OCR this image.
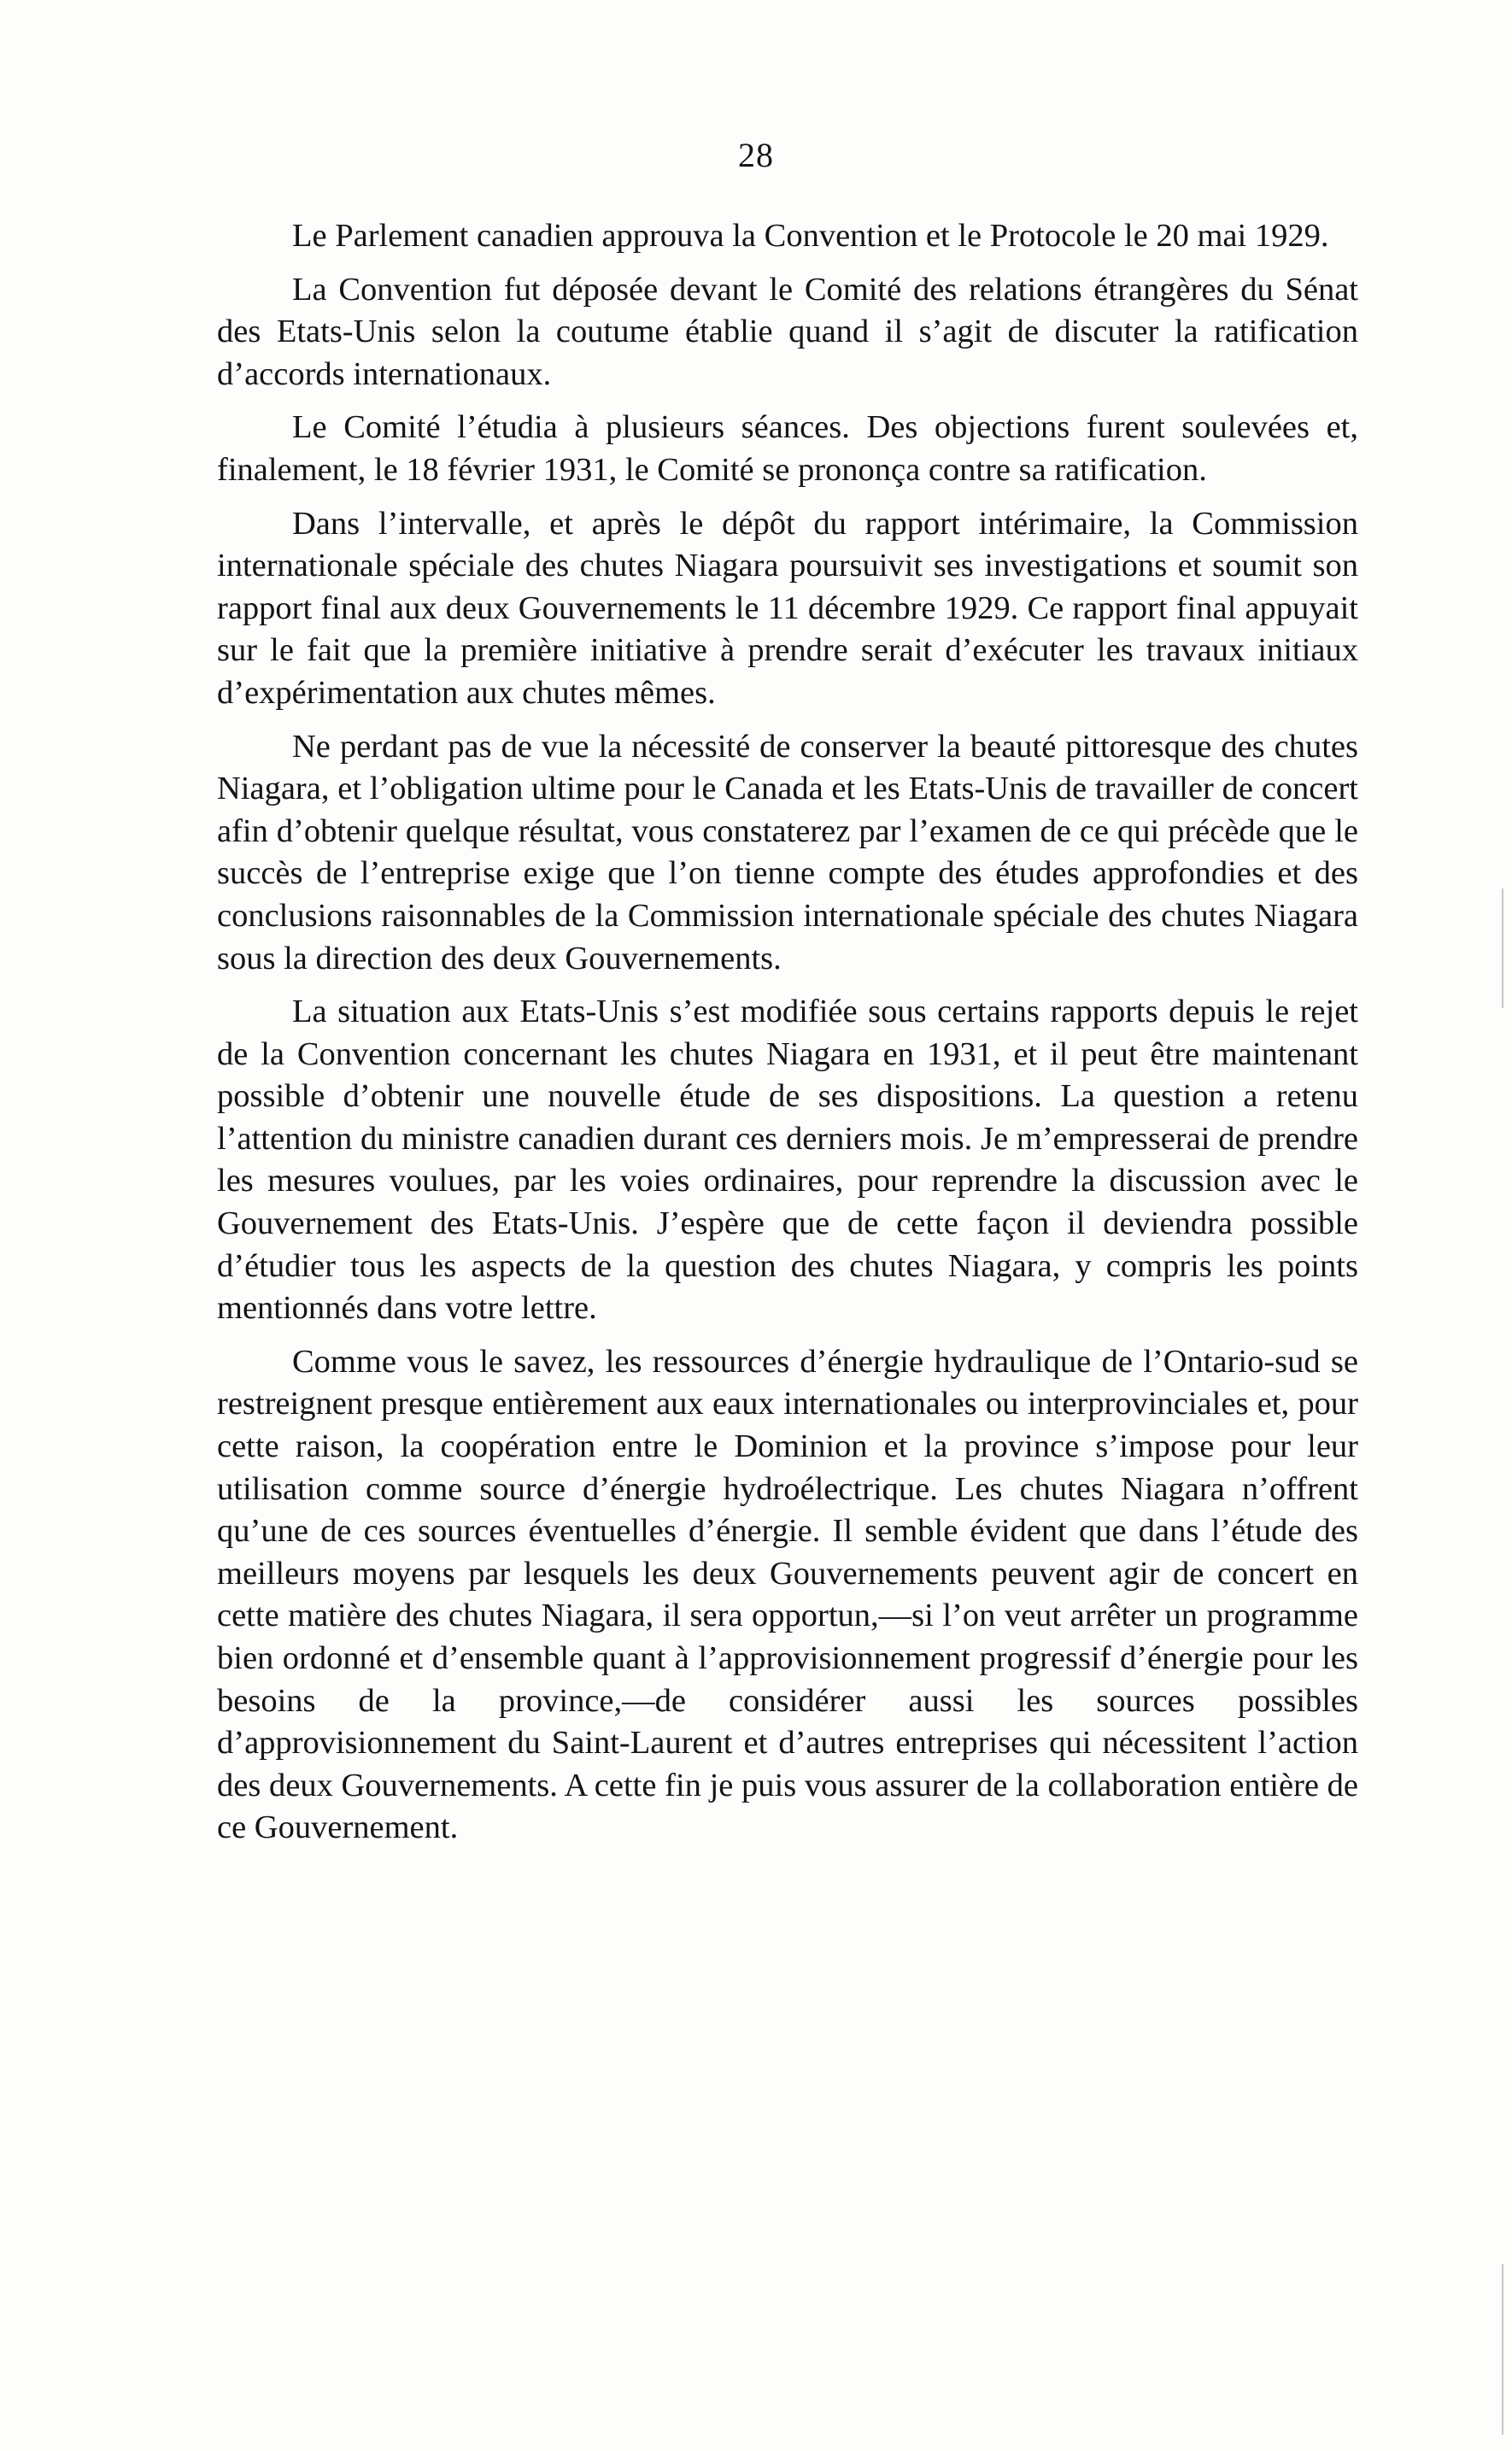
28

Le Parlement canadien approuva la Convention et le Protocole le 20 mai 1929.

La Convention fut déposée devant le Comité des relations étrangères du Sénat des Etats-Unis selon la coutume établie quand il s’agit de discuter la ratification d’accords internationaux.

Le Comité l’étudia à plusieurs séances. Des objections furent soulevées et, finalement, le 18 février 1931, le Comité se prononça contre sa ratification.

Dans l’intervalle, et après le dépôt du rapport intérimaire, la Commission internationale spéciale des chutes Niagara poursuivit ses investigations et soumit son rapport final aux deux Gouvernements le 11 décembre 1929. Ce rapport final appuyait sur le fait que la première initiative à prendre serait d’exécuter les travaux initiaux d’expérimentation aux chutes mêmes.

Ne perdant pas de vue la nécessité de conserver la beauté pittoresque des chutes Niagara, et l’obligation ultime pour le Canada et les Etats-Unis de travailler de concert afin d’obtenir quelque résultat, vous constaterez par l’examen de ce qui précède que le succès de l’entreprise exige que l’on tienne compte des études approfondies et des conclusions raisonnables de la Commission internationale spéciale des chutes Niagara sous la direction des deux Gouvernements.

La situation aux Etats-Unis s’est modifiée sous certains rapports depuis le rejet de la Convention concernant les chutes Niagara en 1931, et il peut être maintenant possible d’obtenir une nouvelle étude de ses dispositions. La question a retenu l’attention du ministre canadien durant ces derniers mois. Je m’empresserai de prendre les mesures voulues, par les voies ordinaires, pour reprendre la discussion avec le Gouvernement des Etats-Unis. J’espère que de cette façon il deviendra possible d’étudier tous les aspects de la question des chutes Niagara, y compris les points mentionnés dans votre lettre.

Comme vous le savez, les ressources d’énergie hydraulique de l’Ontario-sud se restreignent presque entièrement aux eaux internationales ou interprovinciales et, pour cette raison, la coopération entre le Dominion et la province s’impose pour leur utilisation comme source d’énergie hydroélectrique. Les chutes Niagara n’offrent qu’une de ces sources éventuelles d’énergie. Il semble évident que dans l’étude des meilleurs moyens par lesquels les deux Gouvernements peuvent agir de concert en cette matière des chutes Niagara, il sera opportun,—si l’on veut arrêter un programme bien ordonné et d’ensemble quant à l’approvisionnement progressif d’énergie pour les besoins de la province,—de considérer aussi les sources possibles d’approvisionnement du Saint-Laurent et d’autres entreprises qui nécessitent l’action des deux Gouvernements. A cette fin je puis vous assurer de la collaboration entière de ce Gouvernement.
